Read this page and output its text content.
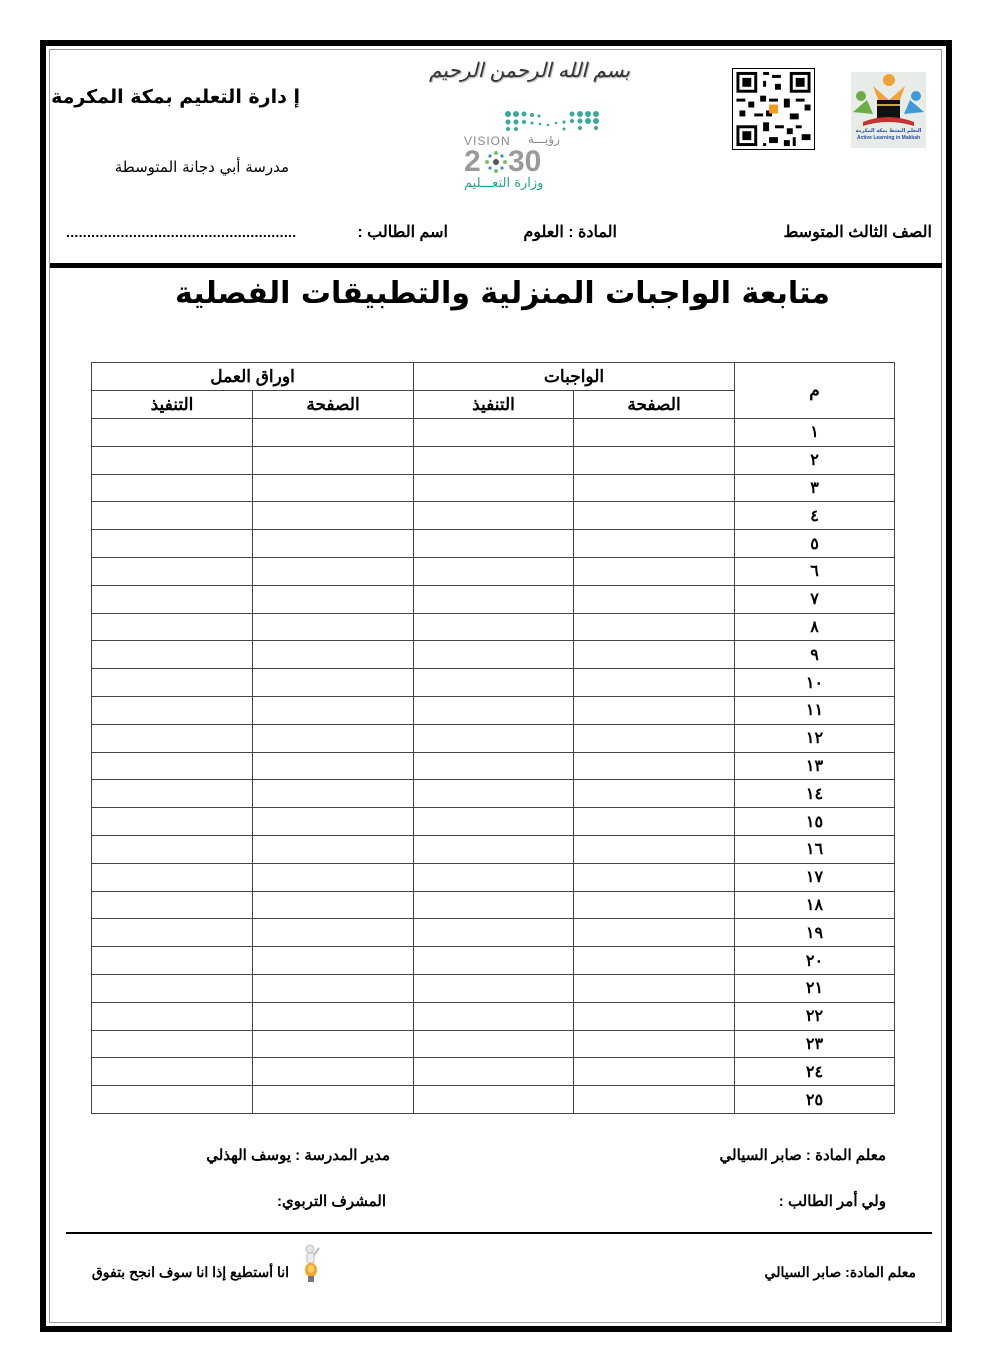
إ دارة التعليم بمكة المكرمة
مدرسة أبي دجانة المتوسطة
بسم الله الرحمن الرحيم
VISION رؤيـــة
2 30
وزارة التعـــليم
التعلم النشط بمكة المكرمة
Active Learning in Makkah
الصف الثالث المتوسط
المادة : العلوم
اسم الطالب :
.......................................................
متابعة الواجبات المنزلية والتطبيقات الفصلية
م	الواجبات		اوراق العمل	
	الصفحة	التنفيذ	الصفحة	التنفيذ
١				
٢				
٣				
٤				
٥				
٦				
٧				
٨				
٩				
١٠				
١١				
١٢				
١٣				
١٤				
١٥				
١٦				
١٧				
١٨				
١٩				
٢٠				
٢١				
٢٢				
٢٣				
٢٤				
٢٥				
معلم المادة : صابر السيالي
مدير المدرسة : يوسف الهذلي
ولي أمر الطالب :
المشرف التربوي:
معلم المادة: صابر السيالي
انا أستطيع إذا انا سوف انجح بتفوق
